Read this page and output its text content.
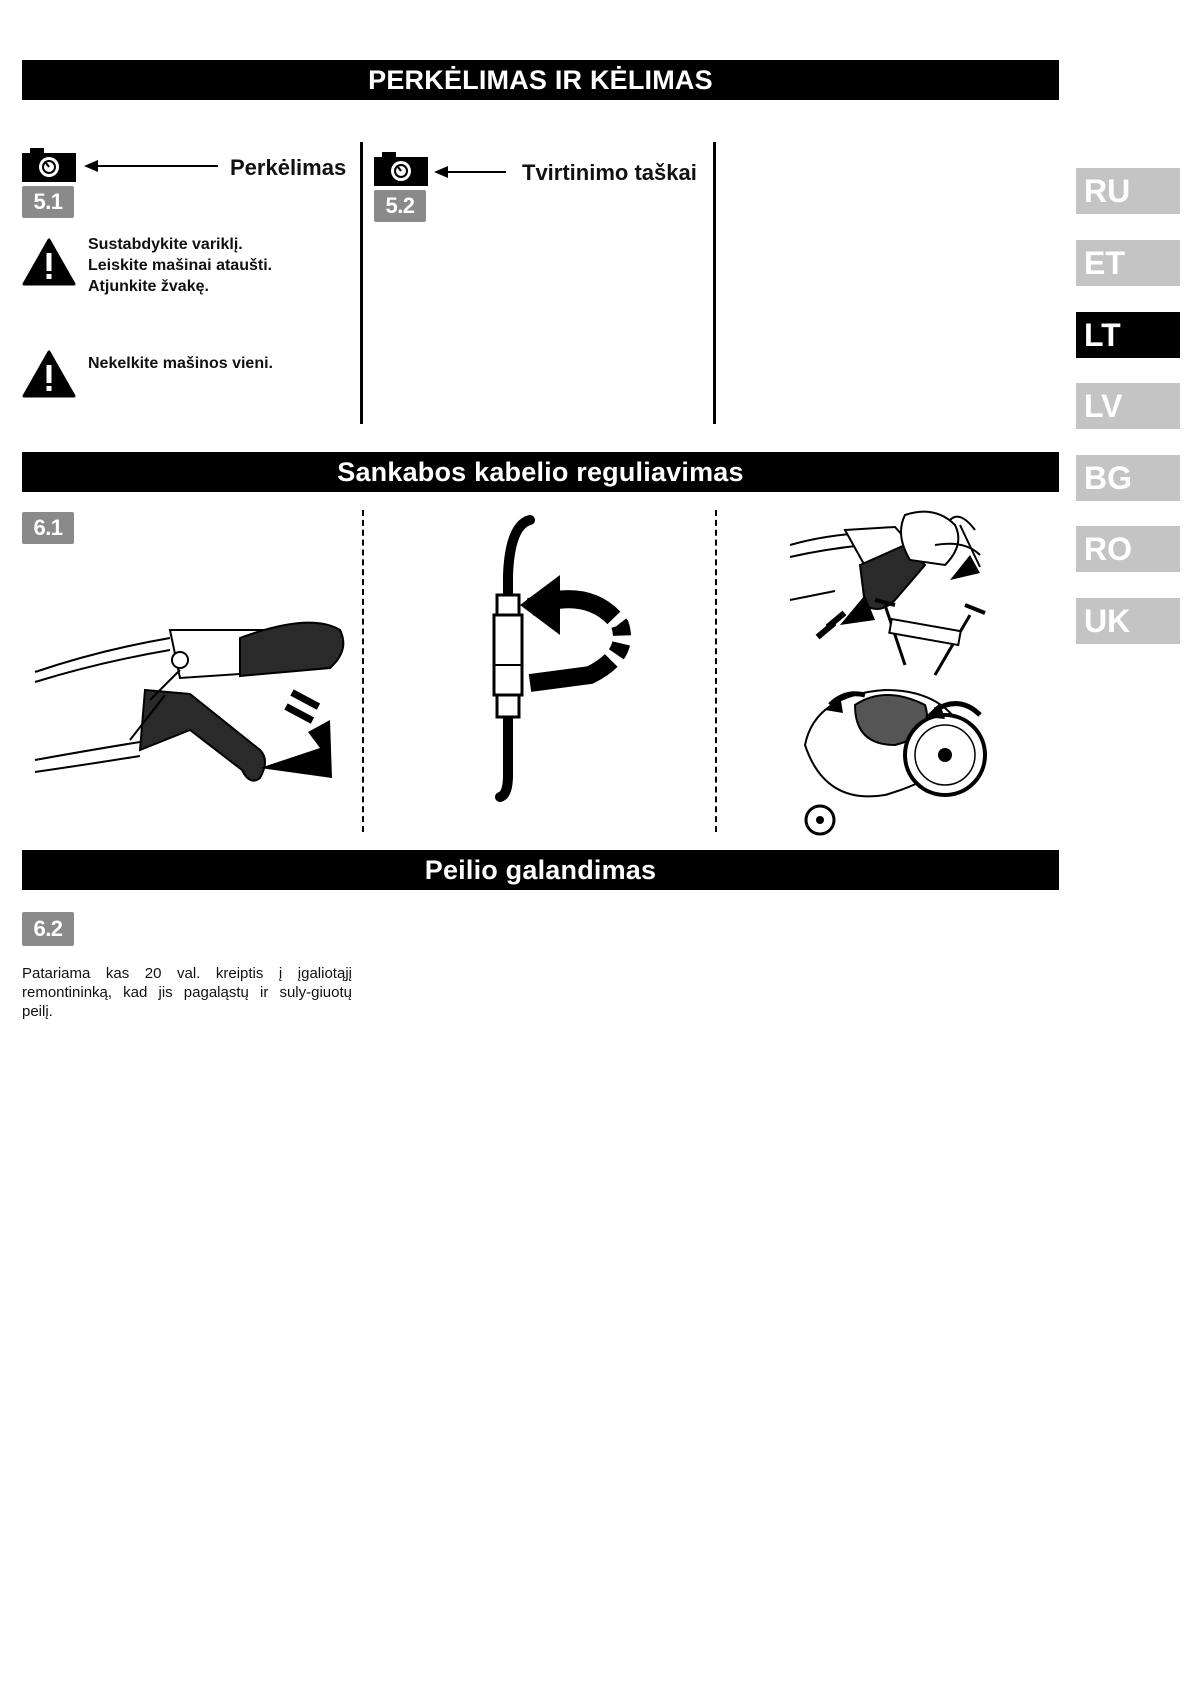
PERKĖLIMAS IR KĖLIMAS
Perkėlimas
5.1
Sustabdykite variklį.
Leiskite mašinai ataušti.
Atjunkite žvakę.
Nekelkite mašinos vieni.
Tvirtinimo taškai
5.2
Sankabos kabelio reguliavimas
6.1
Peilio galandimas
6.2
Patariama kas 20 val. kreiptis į įgaliotąjį remontininką, kad jis pagaląstų ir suly-giuotų peilį.
RU
ET
LT
LV
BG
RO
UK
